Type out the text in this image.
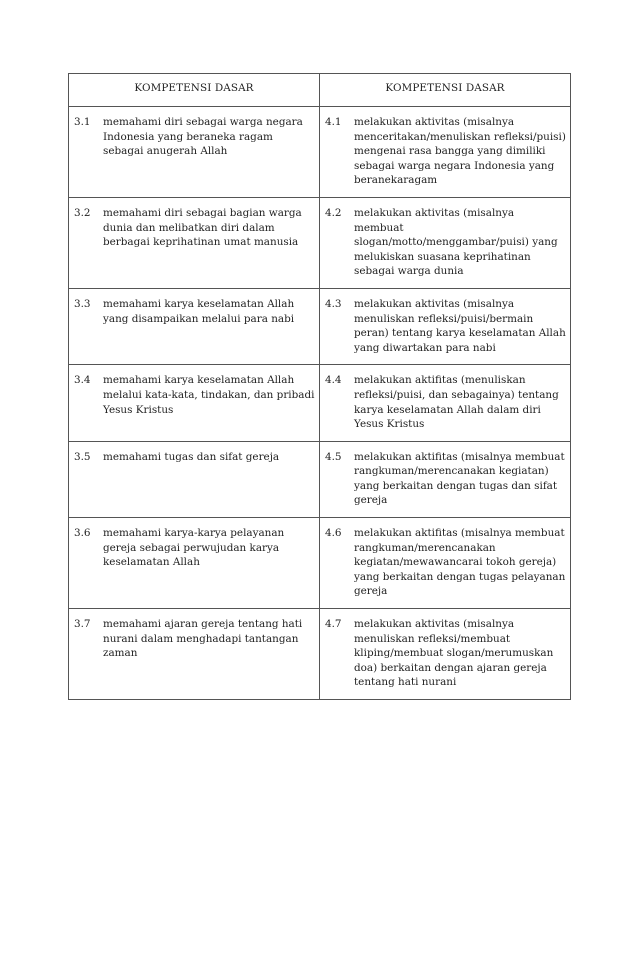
KOMPETENSI DASAR	KOMPETENSI DASAR

3.1 memahami diri sebagai warga negara Indonesia yang beraneka ragam sebagai anugerah Allah	4.1 melakukan aktivitas (misalnya menceritakan/menuliskan refleksi/puisi) mengenai rasa bangga yang dimiliki sebagai warga negara Indonesia yang beranekaragam

3.2 memahami diri sebagai bagian warga dunia dan melibatkan diri dalam berbagai keprihatinan umat manusia	4.2 melakukan aktivitas (misalnya membuat slogan/motto/menggambar/puisi) yang melukiskan suasana keprihatinan sebagai warga dunia

3.3 memahami karya keselamatan Allah yang disampaikan melalui para nabi	4.3 melakukan aktivitas (misalnya menuliskan refleksi/puisi/bermain peran) tentang karya keselamatan Allah yang diwartakan para nabi

3.4 memahami karya keselamatan Allah melalui kata-kata, tindakan, dan pribadi Yesus Kristus	4.4 melakukan aktifitas (menuliskan refleksi/puisi, dan sebagainya) tentang karya keselamatan Allah dalam diri Yesus Kristus

3.5 memahami tugas dan sifat gereja	4.5 melakukan aktifitas (misalnya membuat rangkuman/merencanakan kegiatan) yang berkaitan dengan tugas dan sifat gereja

3.6 memahami karya-karya pelayanan gereja sebagai perwujudan karya keselamatan Allah	4.6 melakukan aktifitas (misalnya membuat rangkuman/merencanakan kegiatan/mewawancarai tokoh gereja) yang berkaitan dengan tugas pelayanan gereja

3.7 memahami ajaran gereja tentang hati nurani dalam menghadapi tantangan zaman	4.7 melakukan aktivitas (misalnya menuliskan refleksi/membuat kliping/membuat slogan/merumuskan doa) berkaitan dengan ajaran gereja tentang hati nurani
